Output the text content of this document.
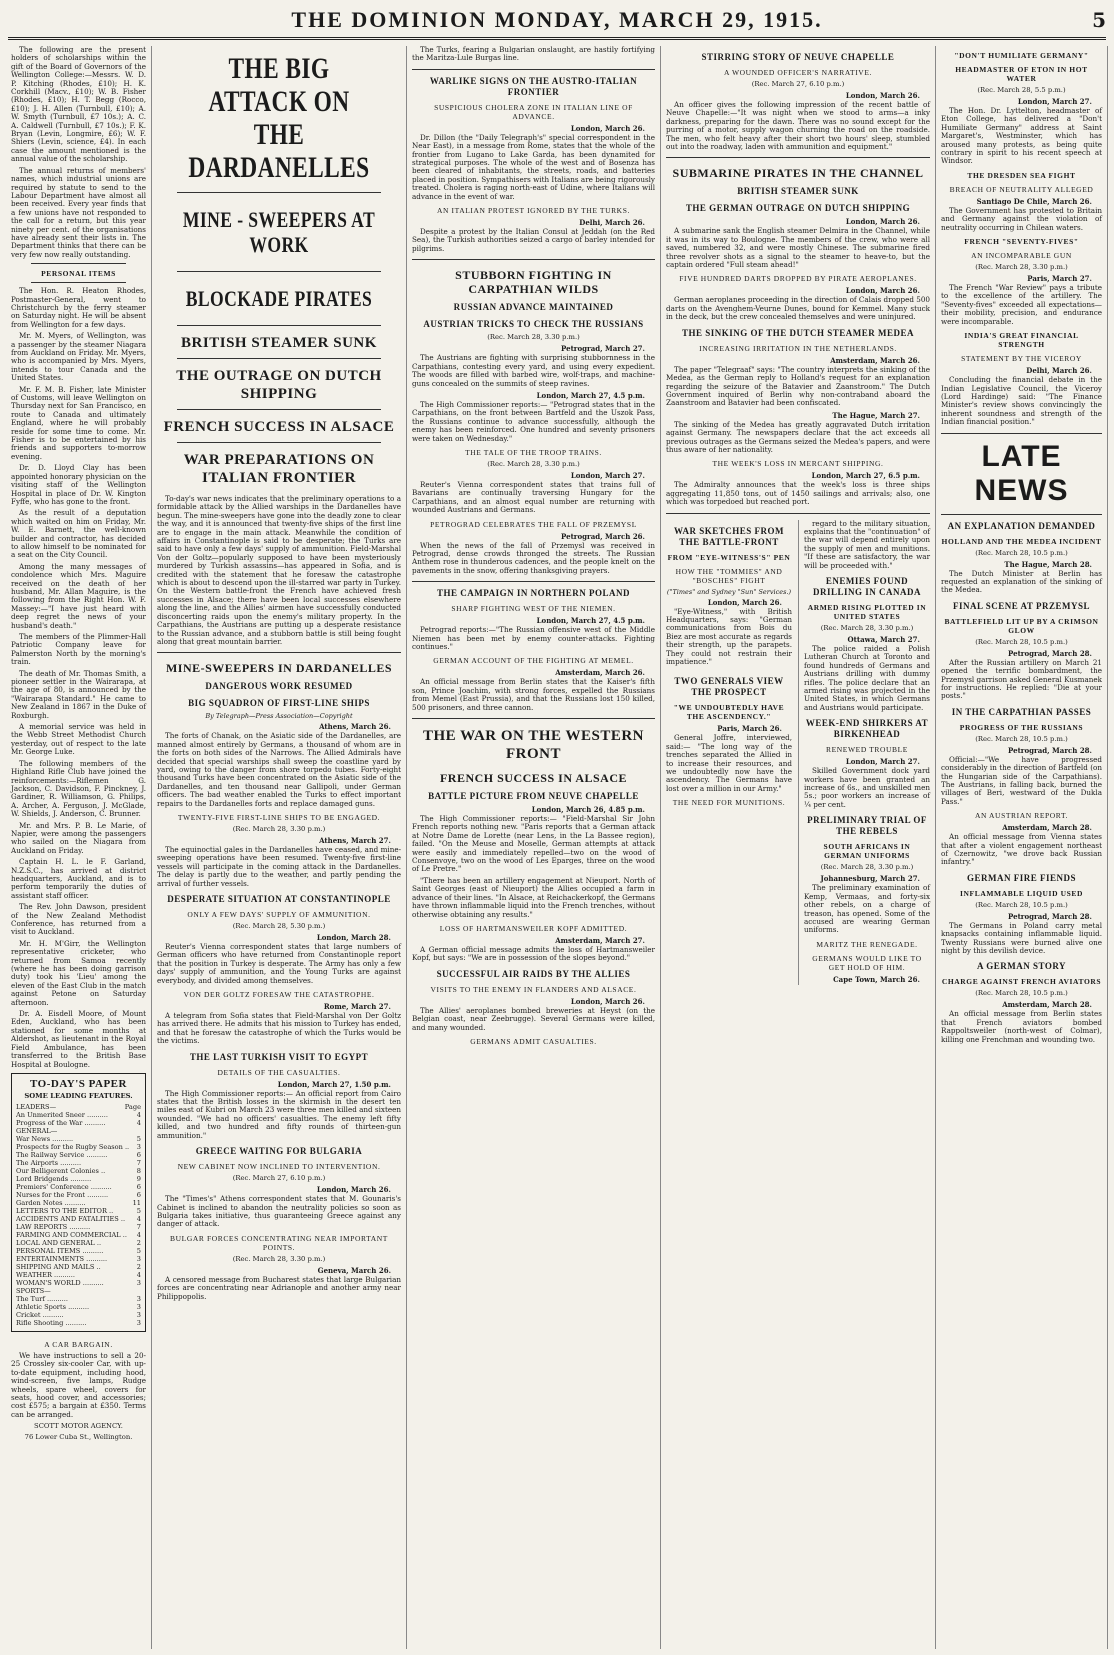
THE DOMINION MONDAY, MARCH 29, 1915.	5

The following are the present holders of scholarships within the gift of the Board of Governors of the Wellington College:—Messrs. W. D. P. Kitching (Rhodes, £10); H. K. Corkhill (Macv., £10); W. B. Fisher (Rhodes, £10); H. T. Begg (Rocco, £10); J. H. Allen (Turnbull, £10); A. W. Smyth (Turnbull, £7 10s.); A. C. A. Caldwell (Turnbull, £7 10s.); F. K. Bryan (Levin, Longmire, £6); W. F. Shiers (Levin, science, £4). In each case the amount mentioned is the annual value of the scholarship.

The annual returns of members' names, which industrial unions are required by statute to send to the Labour Department have almost all been received. Every year finds that a few unions have not responded to the call for a return, but this year ninety per cent. of the organisations have already sent their lists in. The Department thinks that there can be very few now really outstanding.

PERSONAL ITEMS

The Hon. R. Heaton Rhodes, Postmaster-General, went to Christchurch by the ferry steamer on Saturday night. He will be absent from Wellington for a few days.

Mr. M. Myers, of Wellington, was a passenger by the steamer Niagara from Auckland on Friday. Mr. Myers, who is accompanied by Mrs. Myers, intends to tour Canada and the United States.

Mr. F. M. B. Fisher, late Minister of Customs, will leave Wellington on Thursday next for San Francisco, en route to Canada and ultimately England, where he will probably reside for some time to come. Mr. Fisher is to be entertained by his friends and supporters to-morrow evening.

Dr. D. Lloyd Clay has been appointed honorary physician on the visiting staff of the Wellington Hospital in place of Dr. W. Kington Fyffe, who has gone to the front.

As the result of a deputation which waited on him on Friday, Mr. W. E. Barnett, the well-known builder and contractor, has decided to allow himself to be nominated for a seat on the City Council.

Among the many messages of condolence which Mrs. Maguire received on the death of her husband, Mr. Allan Maguire, is the following from the Right Hon. W. F. Massey:—"I have just heard with deep regret the news of your husband's death."

The members of the Plimmer-Hall Patriotic Company leave for Palmerston North by the morning's train.

The death of Mr. Thomas Smith, a pioneer settler in the Wairarapa, at the age of 80, is announced by the "Wairarapa Standard." He came to New Zealand in 1867 in the Duke of Roxburgh.

A memorial service was held in the Webb Street Methodist Church yesterday, out of respect to the late Mr. George Luke.

The following members of the Highland Rifle Club have joined the reinforcements:—Riflemen G. Jackson, C. Davidson, F. Pinckney, J. Gardiner, R. Williamson, G. Philips, A. Archer, A. Ferguson, J. McGlade, W. Shields, J. Anderson, C. Brunner.

Mr. and Mrs. P. B. Le Marie, of Napier, were among the passengers who sailed on the Niagara from Auckland on Friday.

Captain H. L. le F. Garland, N.Z.S.C., has arrived at district headquarters, Auckland, and is to perform temporarily the duties of assistant staff officer.

The Rev. John Dawson, president of the New Zealand Methodist Conference, has returned from a visit to Auckland.

Mr. H. M'Girr, the Wellington representative cricketer, who returned from Samoa recently (where he has been doing garrison duty) took his 'Lieu' among the eleven of the East Club in the match against Petone on Saturday afternoon.

Dr. A. Eisdell Moore, of Mount Eden, Auckland, who has been stationed for some months at Aldershot, as lieutenant in the Royal Field Ambulance, has been transferred to the British Base Hospital at Boulogne.

TO-DAY'S PAPER
SOME LEADING FEATURES.
LEADERS—	Page
An Unmerited Sneer ..........	4
Progress of the War ..........	4
GENERAL—
War News ..........	5
Prospects for the Rugby Season .. 3
The Railway Service ..........	6
The Airports ..........	7
Our Belligerent Colonies ..	8
Lord Bridgends ..........	9
Premiers' Conference ..........	6
Nurses for the Front ..........	6
Garden Notes ..........	11
LETTERS TO THE EDITOR ..	5
ACCIDENTS AND FATALITIES .. 4
LAW REPORTS ..........	7
FARMING AND COMMERCIAL .. 4
LOCAL AND GENERAL ..	2
PERSONAL ITEMS ..........	5
ENTERTAINMENTS ..........	3
SHIPPING AND MAILS ..	2
WEATHER ..........	4
WOMAN'S WORLD ..........	3
SPORTS—
The Turf ..........	3
Athletic Sports ..........	3
Cricket ..........	3
Rifle Shooting ..........	3
A CAR BARGAIN.

We have instructions to sell a 20-25 Crossley six-cooler Car, with up-to-date equipment, including hood, wind-screen, five lamps, Rudge wheels, spare wheel, covers for seats, hood cover, and accessories; cost £575; a bargain at £350. Terms can be arranged.

SCOTT MOTOR AGENCY.
76 Lower Cuba St., Wellington.
THE BIG ATTACK ON THE DARDANELLES
MINE - SWEEPERS AT WORK
BLOCKADE PIRATES
BRITISH STEAMER SUNK
THE OUTRAGE ON DUTCH SHIPPING
FRENCH SUCCESS IN ALSACE
WAR PREPARATIONS ON ITALIAN FRONTIER

To-day's war news indicates that the preliminary operations to a formidable attack by the Allied warships in the Dardanelles have begun. The mine-sweepers have gone into the deadly zone to clear the way, and it is announced that twenty-five ships of the first line are to engage in the main attack. Meanwhile the condition of affairs in Constantinople is said to be desperate; the Turks are said to have only a few days' supply of ammunition. Field-Marshal Von der Goltz—popularly supposed to have been mysteriously murdered by Turkish assassins—has appeared in Sofia, and is credited with the statement that he foresaw the catastrophe which is about to descend upon the ill-starred war party in Turkey. On the Western battle-front the French have achieved fresh successes in Alsace; there have been local successes elsewhere along the line, and the Allies' airmen have successfully conducted disconcerting raids upon the enemy's military property. In the Carpathians, the Austrians are putting up a desperate resistance to the Russian advance, and a stubborn battle is still being fought along that great mountain barrier.

MINE-SWEEPERS IN DARDANELLES
DANGEROUS WORK RESUMED
BIG SQUADRON OF FIRST-LINE SHIPS
By Telegraph—Press Association—Copyright
Athens, March 26.

The forts of Chanak, on the Asiatic side of the Dardanelles, are manned almost entirely by Germans, a thousand of whom are in the forts on both sides of the Narrows. The Allied Admirals have decided that special warships shall sweep the coastline yard by yard, owing to the danger from shore torpedo tubes. Forty-eight thousand Turks have been concentrated on the Asiatic side of the Dardanelles, and ten thousand near Gallipoli, under German officers. The bad weather enabled the Turks to effect important repairs to the Dardanelles forts and replace damaged guns.

TWENTY-FIVE FIRST-LINE SHIPS TO BE ENGAGED.
(Rec. March 28, 3.30 p.m.)
Athens, March 27.

The equinoctial gales in the Dardanelles have ceased, and mine-sweeping operations have been resumed. Twenty-five first-line vessels will participate in the coming attack in the Dardanelles. The delay is partly due to the weather, and partly pending the arrival of further vessels.

DESPERATE SITUATION AT CONSTANTINOPLE
ONLY A FEW DAYS' SUPPLY OF AMMUNITION.
(Rec. March 28, 5.30 p.m.)
London, March 28.

Reuter's Vienna correspondent states that large numbers of German officers who have returned from Constantinople report that the position in Turkey is desperate. The Army has only a few days' supply of ammunition, and the Young Turks are against everybody, and divided among themselves.

VON DER GOLTZ FORESAW THE CATASTROPHE.
Rome, March 27.

A telegram from Sofia states that Field-Marshal von Der Goltz has arrived there. He admits that his mission to Turkey has ended, and that he foresaw the catastrophe of which the Turks would be the victims.

THE LAST TURKISH VISIT TO EGYPT
DETAILS OF THE CASUALTIES.
London, March 27, 1.50 p.m.

The High Commissioner reports:— An official report from Cairo states that the British losses in the skirmish in the desert ten miles east of Kubri on March 23 were three men killed and sixteen wounded. "We had no officers' casualties. The enemy left fifty killed, and two hundred and fifty rounds of thirteen-gun ammunition."

GREECE WAITING FOR BULGARIA
NEW CABINET NOW INCLINED TO INTERVENTION.
(Rec. March 27, 6.10 p.m.)
London, March 26.

The "Times's" Athens correspondent states that M. Gounaris's Cabinet is inclined to abandon the neutrality policies so soon as Bulgaria takes initiative, thus guaranteeing Greece against any danger of attack.

BULGAR FORCES CONCENTRATING NEAR IMPORTANT POINTS.
(Rec. March 28, 3.30 p.m.)
Geneva, March 26.

A censored message from Bucharest states that large Bulgarian forces are concentrating near Adrianople and another army near Philippopolis.

The Turks, fearing a Bulgarian onslaught, are hastily fortifying the Maritza-Lule Burgas line.

WARLIKE SIGNS ON THE AUSTRO-ITALIAN FRONTIER
SUSPICIOUS CHOLERA ZONE IN ITALIAN LINE OF ADVANCE.
London, March 26.

Dr. Dillon (the "Daily Telegraph's" special correspondent in the Near East), in a message from Rome, states that the whole of the frontier from Lugano to Lake Garda, has been dynamited for strategical purposes. The whole of the west and of Bosenza has been cleared of inhabitants, the streets, roads, and batteries placed in position. Sympathisers with Italians are being rigorously treated. Cholera is raging north-east of Udine, where Italians will advance in the event of war.

AN ITALIAN PROTEST IGNORED BY THE TURKS.
Delhi, March 26.

Despite a protest by the Italian Consul at Jeddah (on the Red Sea), the Turkish authorities seized a cargo of barley intended for pilgrims.

STUBBORN FIGHTING IN CARPATHIAN WILDS
RUSSIAN ADVANCE MAINTAINED
AUSTRIAN TRICKS TO CHECK THE RUSSIANS
(Rec. March 28, 3.30 p.m.)
Petrograd, March 27.

The Austrians are fighting with surprising stubbornness in the Carpathians, contesting every yard, and using every expedient. The woods are filled with barbed wire, wolf-traps, and machine-guns concealed on the summits of steep ravines.

London, March 27, 4.5 p.m.

The High Commissioner reports:— "Petrograd states that in the Carpathians, on the front between Bartfeld and the Uszok Pass, the Russians continue to advance successfully, although the enemy has been reinforced. One hundred and seventy prisoners were taken on Wednesday."

THE TALE OF THE TROOP TRAINS.
(Rec. March 28, 3.30 p.m.)
London, March 27.

Reuter's Vienna correspondent states that trains full of Bavarians are continually traversing Hungary for the Carpathians, and an almost equal number are returning with wounded Austrians and Germans.

PETROGRAD CELEBRATES THE FALL OF PRZEMYSL
Petrograd, March 26.

When the news of the fall of Przemysl was received in Petrograd, dense crowds thronged the streets. The Russian Anthem rose in thunderous cadences, and the people knelt on the pavements in the snow, offering thanksgiving prayers.

THE CAMPAIGN IN NORTHERN POLAND
SHARP FIGHTING WEST OF THE NIEMEN.
London, March 27, 4.5 p.m.

Petrograd reports:—"The Russian offensive west of the Middle Niemen has been met by enemy counter-attacks. Fighting continues."

GERMAN ACCOUNT OF THE FIGHTING AT MEMEL.
Amsterdam, March 26.

An official message from Berlin states that the Kaiser's fifth son, Prince Joachim, with strong forces, expelled the Russians from Memel (East Prussia), and that the Russians lost 150 killed, 500 prisoners, and three cannon.

THE WAR ON THE WESTERN FRONT
FRENCH SUCCESS IN ALSACE
BATTLE PICTURE FROM NEUVE CHAPELLE
London, March 26, 4.85 p.m.

The High Commissioner reports:— "Field-Marshal Sir John French reports nothing new. "Paris reports that a German attack at Notre Dame de Lorette (near Lens, in the La Bassee region), failed. "On the Meuse and Moselle, German attempts at attack were easily and immediately repelled—two on the wood of Consenvoye, two on the wood of Les Eparges, three on the wood of Le Pretre."

"There has been an artillery engagement at Nieuport. North of Saint Georges (east of Nieuport) the Allies occupied a farm in advance of their lines. "In Alsace, at Reichackerkopf, the Germans have thrown inflammable liquid into the French trenches, without otherwise obtaining any results."

LOSS OF HARTMANSWEILER KOPF ADMITTED.
Amsterdam, March 27.

A German official message admits the loss of Hartmansweiler Kopf, but says: "We are in possession of the slopes beyond."

SUCCESSFUL AIR RAIDS BY THE ALLIES
VISITS TO THE ENEMY IN FLANDERS AND ALSACE.
London, March 26.

The Allies' aeroplanes bombed breweries at Heyst (on the Belgian coast, near Zeebrugge). Several Germans were killed, and many wounded.

GERMANS ADMIT CASUALTIES.
STIRRING STORY OF NEUVE CHAPELLE
A WOUNDED OFFICER'S NARRATIVE.
(Rec. March 27, 6.10 p.m.)
London, March 26.

An officer gives the following impression of the recent battle of Neuve Chapelle:—"It was night when we stood to arms—a inky darkness, preparing for the dawn. There was no sound except for the purring of a motor, supply wagon churning the road on the roadside. The men, who felt heavy after their short two hours' sleep, stumbled out into the roadway, laden with ammunition and equipment."

SUBMARINE PIRATES IN THE CHANNEL
BRITISH STEAMER SUNK
THE GERMAN OUTRAGE ON DUTCH SHIPPING
London, March 26.

A submarine sank the English steamer Delmira in the Channel, while it was in its way to Boulogne. The members of the crew, who were all saved, numbered 32, and were mostly Chinese. The submarine fired three revolver shots as a signal to the steamer to heave-to, but the captain ordered "Full steam ahead!"

FIVE HUNDRED DARTS DROPPED BY PIRATE AEROPLANES.
London, March 26.

German aeroplanes proceeding in the direction of Calais dropped 500 darts on the Avenghem-Veurne Dunes, bound for Kemmel. Many stuck in the deck, but the crew concealed themselves and were uninjured.

THE SINKING OF THE DUTCH STEAMER MEDEA
INCREASING IRRITATION IN THE NETHERLANDS.
Amsterdam, March 26.

The paper "Telegraaf" says: "The country interprets the sinking of the Medea, as the German reply to Holland's request for an explanation regarding the seizure of the Batavier and Zaanstroom." The Dutch Government inquired of Berlin why non-contraband aboard the Zaanstroom and Batavier had been confiscated.

The Hague, March 27.

The sinking of the Medea has greatly aggravated Dutch irritation against Germany. The newspapers declare that the act exceeds all previous outrages as the Germans seized the Medea's papers, and were thus aware of her nationality.

THE WEEK'S LOSS IN MERCANT SHIPPING.
London, March 27, 6.5 p.m.

The Admiralty announces that the week's loss is three ships aggregating 11,850 tons, out of 1450 sailings and arrivals; also, one which was torpedoed but reached port.

WAR SKETCHES FROM THE BATTLE-FRONT
FROM "EYE-WITNESS'S" PEN
HOW THE "TOMMIES" AND "BOSCHES" FIGHT
("Times" and Sydney "Sun" Services.)
London, March 26.

"Eye-Witness," with British Headquarters, says: "German communications from Bois du Biez are most accurate as regards their strength, up the parapets. They could not restrain their impatience."

TWO GENERALS VIEW THE PROSPECT
"WE UNDOUBTEDLY HAVE THE ASCENDENCY."
Paris, March 26.

General Joffre, interviewed, said:— "The long way of the trenches separated the Allied in to increase their resources, and we undoubtedly now have the ascendency. The Germans have lost over a million in our Army."

THE NEED FOR MUNITIONS.

regard to the military situation, explains that the "continuation" of the war will depend entirely upon the supply of men and munitions. "If these are satisfactory, the war will be proceeded with."

ENEMIES FOUND DRILLING IN CANADA
ARMED RISING PLOTTED IN UNITED STATES
(Rec. March 28, 3.30 p.m.)
Ottawa, March 27.

The police raided a Polish Lutheran Church at Toronto and found hundreds of Germans and Austrians drilling with dummy rifles. The police declare that an armed rising was projected in the United States, in which Germans and Austrians would participate.

WEEK-END SHIRKERS AT BIRKENHEAD
RENEWED TROUBLE
London, March 27.

Skilled Government dock yard workers have been granted an increase of 6s., and unskilled men 5s.; poor workers an increase of ¼ per cent.

PRELIMINARY TRIAL OF THE REBELS
SOUTH AFRICANS IN GERMAN UNIFORMS
(Rec. March 28, 3.30 p.m.)
Johannesburg, March 27.

The preliminary examination of Kemp, Vermaas, and forty-six other rebels, on a charge of treason, has opened. Some of the accused are wearing German uniforms.

MARITZ THE RENEGADE.
GERMANS WOULD LIKE TO GET HOLD OF HIM.
Cape Town, March 26.
"DON'T HUMILIATE GERMANY"
HEADMASTER OF ETON IN HOT WATER
(Rec. March 28, 5.5 p.m.)
London, March 27.

The Hon. Dr. Lyttelton, headmaster of Eton College, has delivered a "Don't Humiliate Germany" address at Saint Margaret's, Westminster, which has aroused many protests, as being quite contrary in spirit to his recent speech at Windsor.

THE DRESDEN SEA FIGHT
BREACH OF NEUTRALITY ALLEGED
Santiago De Chile, March 26.

The Government has protested to Britain and Germany against the violation of neutrality occurring in Chilean waters.

FRENCH "SEVENTY-FIVES"
AN INCOMPARABLE GUN
(Rec. March 28, 3.30 p.m.)
Paris, March 27.

The French "War Review" pays a tribute to the excellence of the artillery. The "Seventy-fives" exceeded all expectations—their mobility, precision, and endurance were incomparable.

INDIA'S GREAT FINANCIAL STRENGTH
STATEMENT BY THE VICEROY
Delhi, March 26.

Concluding the financial debate in the Indian Legislative Council, the Viceroy (Lord Hardinge) said: "The Finance Minister's review shows convincingly the inherent soundness and strength of the Indian financial position."

LATE NEWS
AN EXPLANATION DEMANDED
HOLLAND AND THE MEDEA INCIDENT
(Rec. March 28, 10.5 p.m.)
The Hague, March 28.

The Dutch Minister at Berlin has requested an explanation of the sinking of the Medea.

FINAL SCENE AT PRZEMYSL
BATTLEFIELD LIT UP BY A CRIMSON GLOW
(Rec. March 28, 10.5 p.m.)
Petrograd, March 28.

After the Russian artillery on March 21 opened the terrific bombardment, the Przemysl garrison asked General Kusmanek for instructions. He replied: "Die at your posts."

IN THE CARPATHIAN PASSES
PROGRESS OF THE RUSSIANS
(Rec. March 28, 10.5 p.m.)
Petrograd, March 28.

Official:—"We have progressed considerably in the direction of Bartfeld (on the Hungarian side of the Carpathians). The Austrians, in falling back, burned the villages of Beri, westward of the Dukla Pass."

AN AUSTRIAN REPORT.
Amsterdam, March 28.

An official message from Vienna states that after a violent engagement northeast of Czernowitz, "we drove back Russian infantry."

GERMAN FIRE FIENDS
INFLAMMABLE LIQUID USED
(Rec. March 28, 10.5 p.m.)
Petrograd, March 28.

The Germans in Poland carry metal knapsacks containing inflammable liquid. Twenty Russians were burned alive one night by this devilish device.

A GERMAN STORY
CHARGE AGAINST FRENCH AVIATORS
(Rec. March 28, 10.5 p.m.)
Amsterdam, March 28.

An official message from Berlin states that French aviators bombed Rappoltsweiler (north-west of Colmar), killing one Frenchman and wounding two.
